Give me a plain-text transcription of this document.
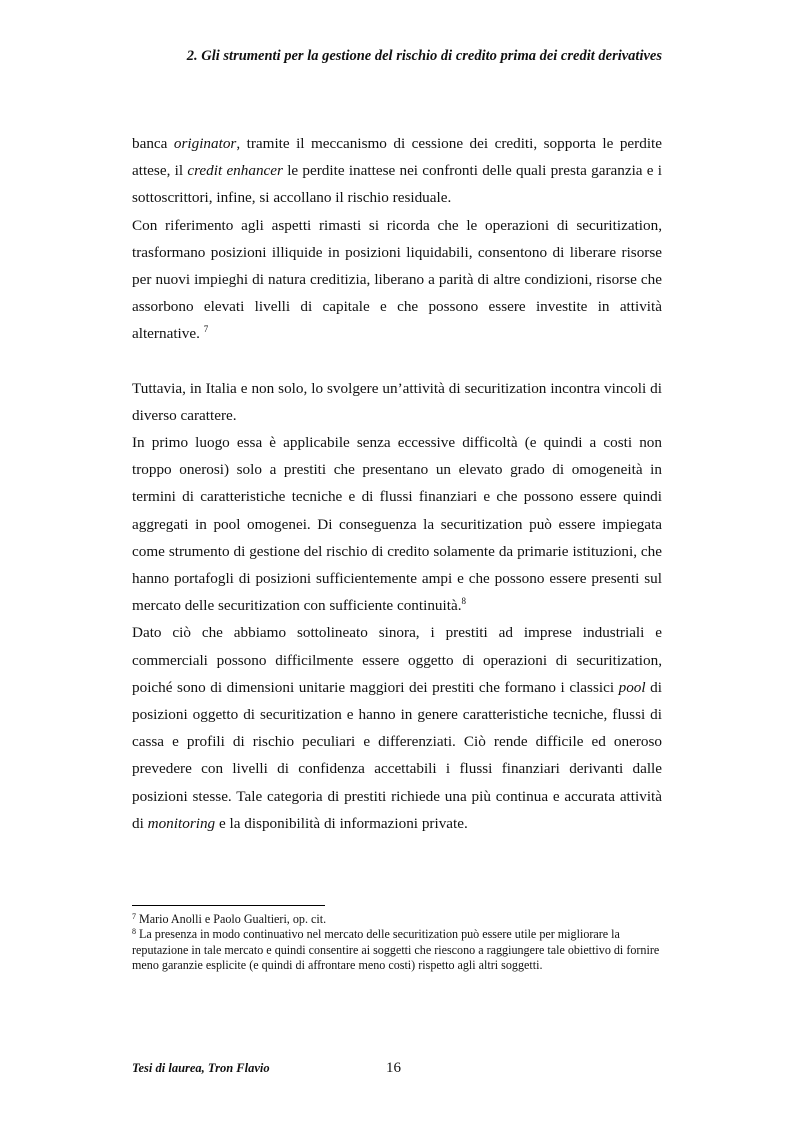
2. Gli strumenti per la gestione del rischio di credito prima dei credit derivatives

banca originator, tramite il meccanismo di cessione dei crediti, sopporta le perdite attese, il credit enhancer le perdite inattese nei confronti delle quali presta garanzia e i sottoscrittori, infine, si accollano il rischio residuale.

Con riferimento agli aspetti rimasti si ricorda che le operazioni di securitization, trasformano posizioni illiquide in posizioni liquidabili, consentono di liberare risorse per nuovi impieghi di natura creditizia, liberano a parità di altre condizioni, risorse che assorbono elevati livelli di capitale e che possono essere investite in attività alternative. $^7$

Tuttavia, in Italia e non solo, lo svolgere un’attività di securitization incontra vincoli di diverso carattere.

In primo luogo essa è applicabile senza eccessive difficoltà (e quindi a costi non troppo onerosi) solo a prestiti che presentano un elevato grado di omogeneità in termini di caratteristiche tecniche e di flussi finanziari e che possono essere quindi aggregati in pool omogenei. Di conseguenza la securitization può essere impiegata come strumento di gestione del rischio di credito solamente da primarie istituzioni, che hanno portafogli di posizioni sufficientemente ampi e che possono essere presenti sul mercato delle securitization con sufficiente continuità.$^8$

Dato ciò che abbiamo sottolineato sinora, i prestiti ad imprese industriali e commerciali possono difficilmente essere oggetto di operazioni di securitization, poiché sono di dimensioni unitarie maggiori dei prestiti che formano i classici pool di posizioni oggetto di securitization e hanno in genere caratteristiche tecniche, flussi di cassa e profili di rischio peculiari e differenziati. Ciò rende difficile ed oneroso prevedere con livelli di confidenza accettabili i flussi finanziari derivanti dalle posizioni stesse. Tale categoria di prestiti richiede una più continua e accurata attività di monitoring e la disponibilità di informazioni private.

$^7$ Mario Anolli e Paolo Gualtieri, op. cit.

$^8$ La presenza in modo continuativo nel mercato delle securitization può essere utile per migliorare la reputazione in tale mercato e quindi consentire ai soggetti che riescono a raggiungere tale obiettivo di fornire meno garanzie esplicite (e quindi di affrontare meno costi) rispetto agli altri soggetti.

Tesi di laurea, Tron Flavio	16
